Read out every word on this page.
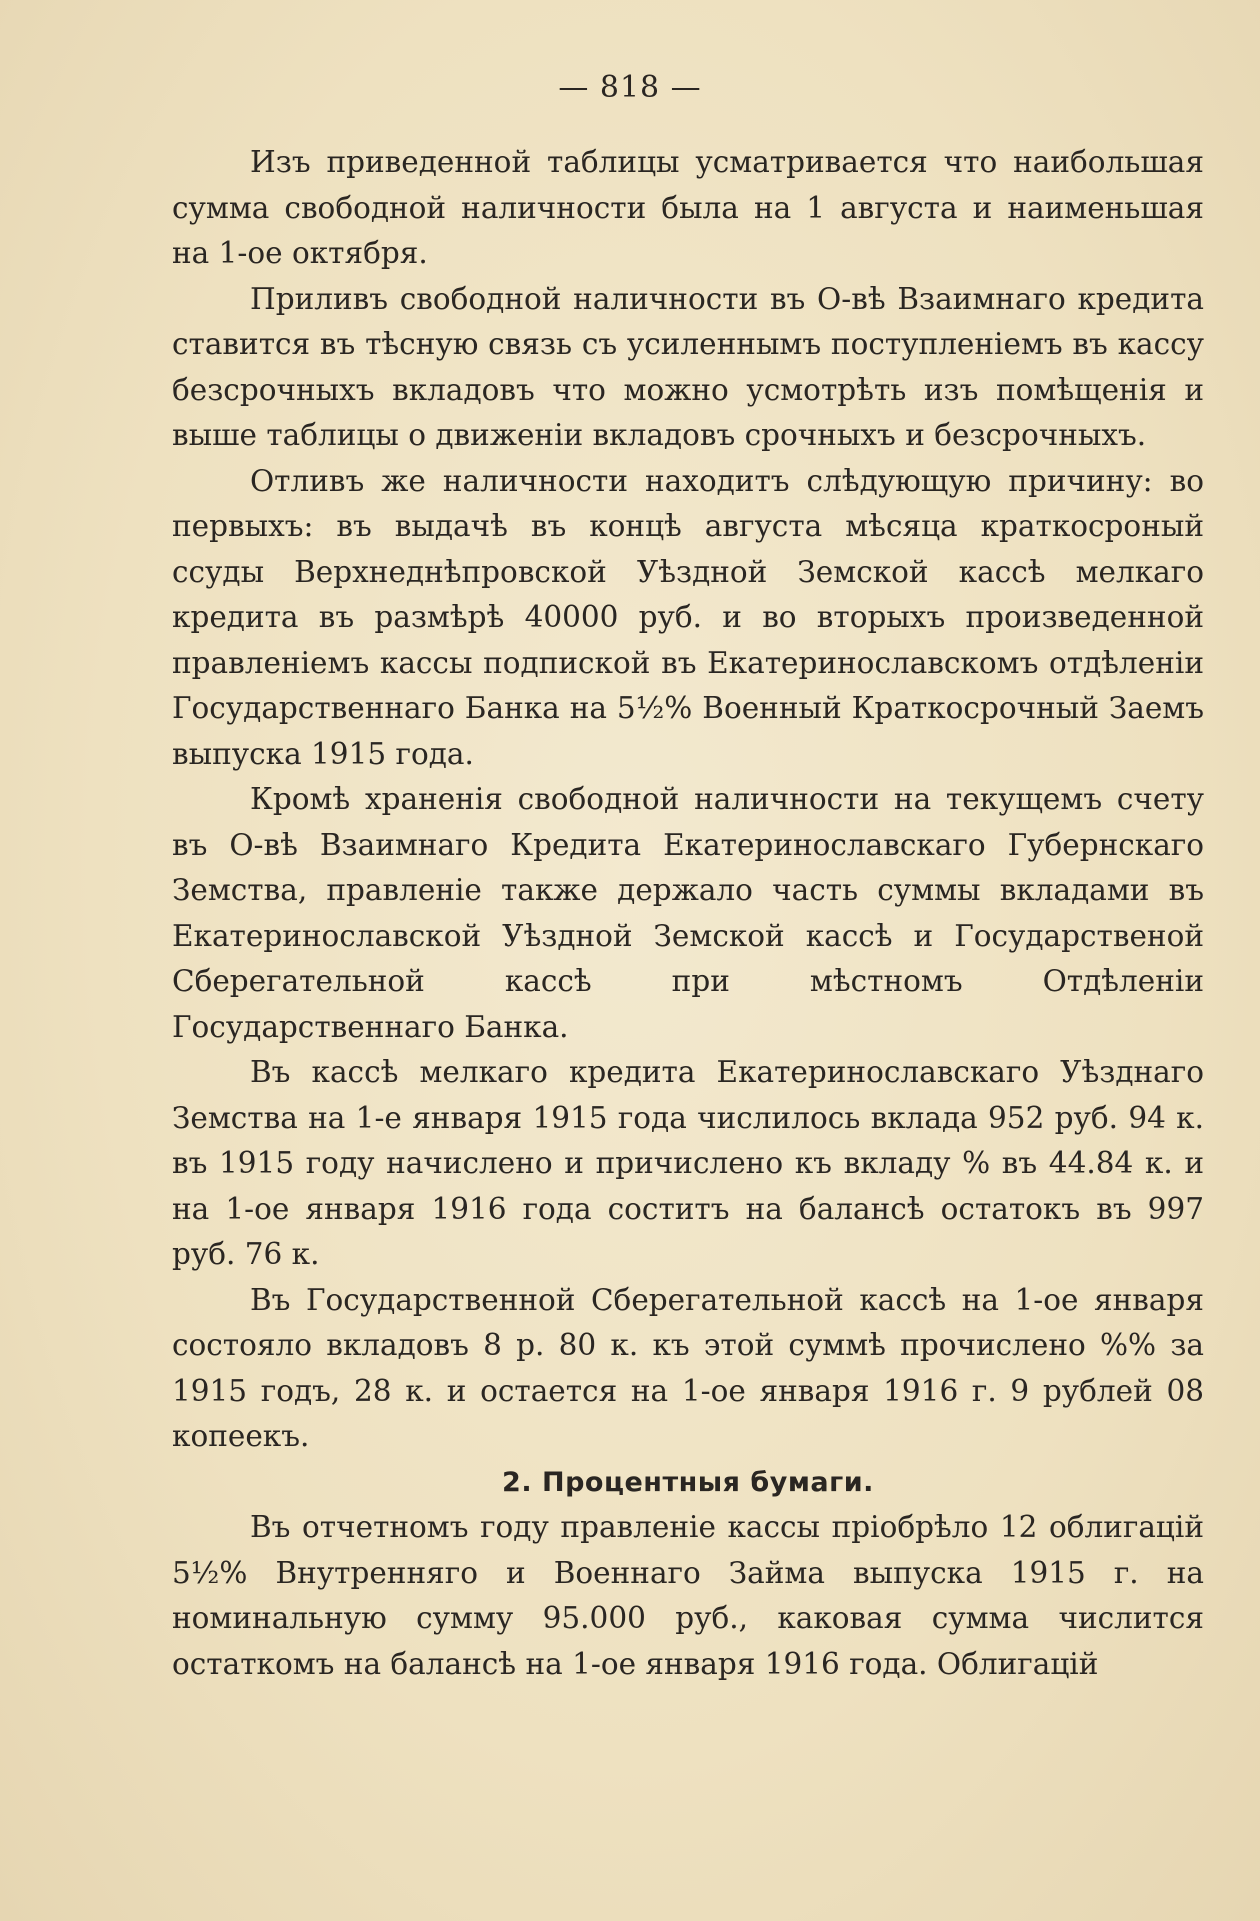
— 818 —

Изъ приведенной таблицы усматривается что наибольшая сумма свободной наличности была на 1 августа и наименьшая на 1-ое октября.

Приливъ свободной наличности въ О-вѣ Взаимнаго кредита ставится въ тѣсную связь съ усиленнымъ поступленіемъ въ кассу безсрочныхъ вкладовъ что можно усмотрѣть изъ помѣщенія и выше таблицы о движеніи вкладовъ срочныхъ и безсрочныхъ.

Отливъ же наличности находитъ слѣдующую причину: во первыхъ: въ выдачѣ въ концѣ августа мѣсяца краткосроный ссуды Верхнеднѣпровской Уѣздной Земской кассѣ мелкаго кредита въ размѣрѣ 40000 руб. и во вторыхъ произведенной правленіемъ кассы подпиской въ Екатеринославскомъ отдѣленіи Государственнаго Банка на 5½% Военный Краткосрочный Заемъ выпуска 1915 года.

Кромѣ храненія свободной наличности на текущемъ счету въ О-вѣ Взаимнаго Кредита Екатеринославскаго Губернскаго Земства, правленіе также держало часть суммы вкладами въ Екатеринославской Уѣздной Земской кассѣ и Государственой Сберегательной кассѣ при мѣстномъ Отдѣленіи Государственнаго Банка.

Въ кассѣ мелкаго кредита Екатеринославскаго Уѣзднаго Земства на 1-е января 1915 года числилось вклада 952 руб. 94 к. въ 1915 году начислено и причислено къ вкладу % въ 44.84 к. и на 1-ое января 1916 года соститъ на балансѣ остатокъ въ 997 руб. 76 к.

Въ Государственной Сберегательной кассѣ на 1-ое января состояло вкладовъ 8 р. 80 к. къ этой суммѣ прочислено %% за 1915 годъ, 28 к. и остается на 1-ое января 1916 г. 9 рублей 08 копеекъ.

2. Процентныя бумаги.

Въ отчетномъ году правленіе кассы пріобрѣло 12 облигацій 5½% Внутренняго и Военнаго Займа выпуска 1915 г. на номинальную сумму 95.000 руб., каковая сумма числится остаткомъ на балансѣ на 1-ое января 1916 года. Облигацій
